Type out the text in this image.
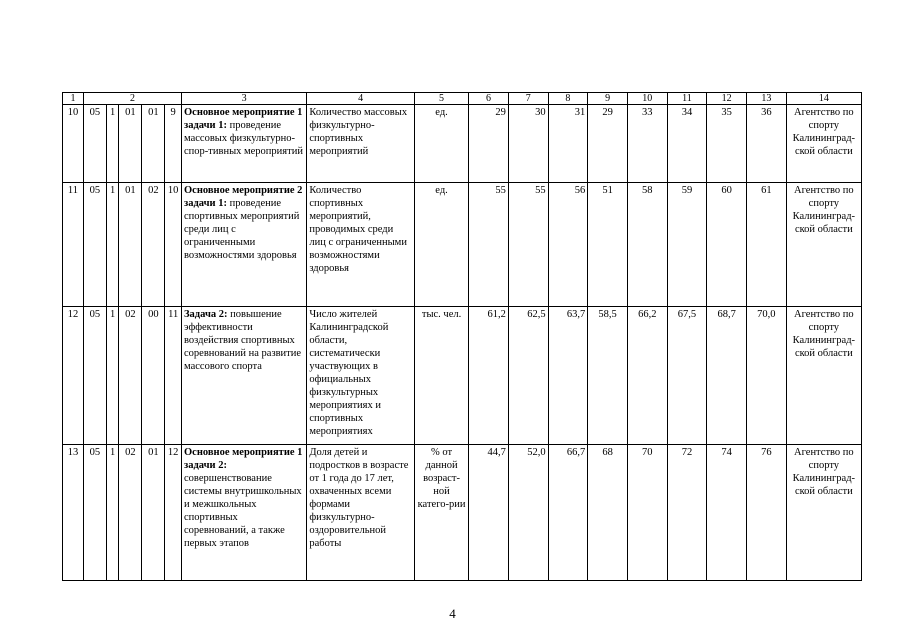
1	2					3	4	5	6	7	8	9	10	11	12	13	14
10	05	1	01	01	9	Основное мероприятие 1 задачи 1: проведение массовых физкультурно-спор-тивных мероприятий	Количество массовых физкультурно-спортивных мероприятий	ед.	29	30	31	29	33	34	35	36	Агентство по спорту Калининград-ской области
11	05	1	01	02	10	Основное мероприятие 2 задачи 1: проведение спортивных мероприятий среди лиц с ограниченными возможностями здоровья	Количество спортивных мероприятий, проводимых среди лиц с ограниченными возможностями здоровья	ед.	55	55	56	51	58	59	60	61	Агентство по спорту Калининград-ской области
12	05	1	02	00	11	Задача 2: повышение эффективности воздействия спортивных соревнований на развитие массового спорта	Число жителей Калининградской области, систематически участвующих в официальных физкультурных мероприятиях и спортивных мероприятиях	тыс. чел.	61,2	62,5	63,7	58,5	66,2	67,5	68,7	70,0	Агентство по спорту Калининград-ской области
13	05	1	02	01	12	Основное мероприятие 1 задачи 2: совершенствование системы внутришкольных и межшкольных спортивных соревнований, а также первых этапов	Доля детей и подростков в возрасте от 1 года до 17 лет, охваченных всеми формами физкультурно-оздоровительной работы	% от данной возраст-ной катего-рии	44,7	52,0	66,7	68	70	72	74	76	Агентство по спорту Калининград-ской области
4
